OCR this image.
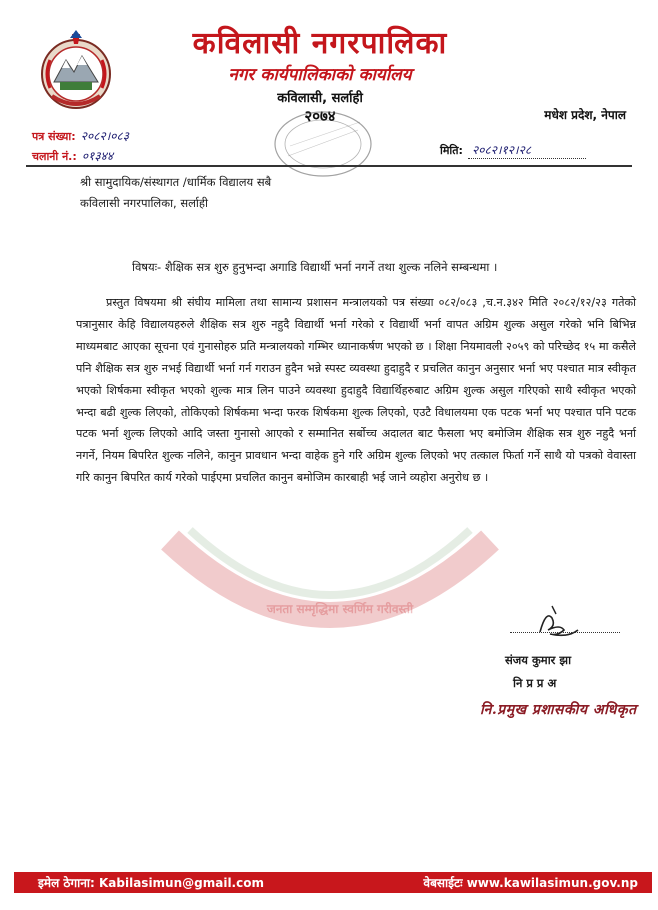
कविलासी नगरपालिका
नगर कार्यपालिकाको कार्यालय
कविलासी, सर्लाही
२०७४	मधेश प्रदेश, नेपाल
पत्र संख्या: २०८२।०८३
चलानी नं.: ०१३४४	मिति: २०८२।१२।२८
श्री सामुदायिक/संस्थागत /धार्मिक विद्यालय सबै
कविलासी नगरपालिका, सर्लाही
विषयः- शैक्षिक सत्र शुरु हुनुभन्दा अगाडि विद्यार्थी भर्ना नगर्ने तथा शुल्क नलिने सम्बन्धमा ।
जनता सम्मृद्धिमा स्वर्णिम गरीवस्ती
प्रस्तुत विषयमा श्री संघीय मामिला तथा सामान्य प्रशासन मन्त्रालयको पत्र संख्या ०८२/०८३ ,च.न.३४२ मिति २०८२/१२/२३ गतेको पत्रानुसार केहि विद्यालयहरुले शैक्षिक सत्र शुरु नहुदै विद्यार्थी भर्ना गरेको र विद्यार्थी भर्ना वापत अग्रिम शुल्क असुल गरेको भनि बिभिन्न माध्यमबाट आएका सूचना एवं गुनासोहरु प्रति मन्त्रालयको गम्भिर ध्यानाकर्षण भएको छ । शिक्षा नियमावली २०५९ को परिच्छेद १५ मा कसैले पनि शैक्षिक सत्र शुरु नभई विद्यार्थी भर्ना गर्न गराउन हुदैन भन्ने स्पस्ट व्यवस्था हुदाहुदै र प्रचलित कानुन अनुसार भर्ना भए पश्चात मात्र स्वीकृत भएको शिर्षकमा स्वीकृत भएको शुल्क मात्र लिन पाउने व्यवस्था हुदाहुदै विद्यार्थिहरुबाट अग्रिम शुल्क असुल गरिएको साथै स्वीकृत भएको भन्दा बढी शुल्क लिएको, तोकिएको शिर्षकमा भन्दा फरक शिर्षकमा शुल्क लिएको, एउटै विधालयमा एक पटक भर्ना भए पश्चात पनि पटक पटक भर्ना शुल्क लिएको आदि जस्ता गुनासो आएको र सम्मानित सर्बोच्च अदालत बाट फैसला भए बमोजिम शैक्षिक सत्र शुरु नहुदै भर्ना नगर्ने, नियम बिपरित शुल्क नलिने, कानुन प्रावधान भन्दा वाहेक हुने गरि अग्रिम शुल्क लिएको भए तत्काल फिर्ता गर्ने साथै यो पत्रको वेवास्ता गरि कानुन बिपरित कार्य गरेको पाईएमा प्रचलित कानुन बमोजिम कारबाही भई जाने व्यहोरा अनुरोध छ ।
संजय कुमार झा
नि प्र प्र अ
नि.प्रमुख प्रशासकीय अधिकृत
इमेल ठेगाना: Kabilasimun@gmail.com	वेबसाईटः www.kawilasimun.gov.np
